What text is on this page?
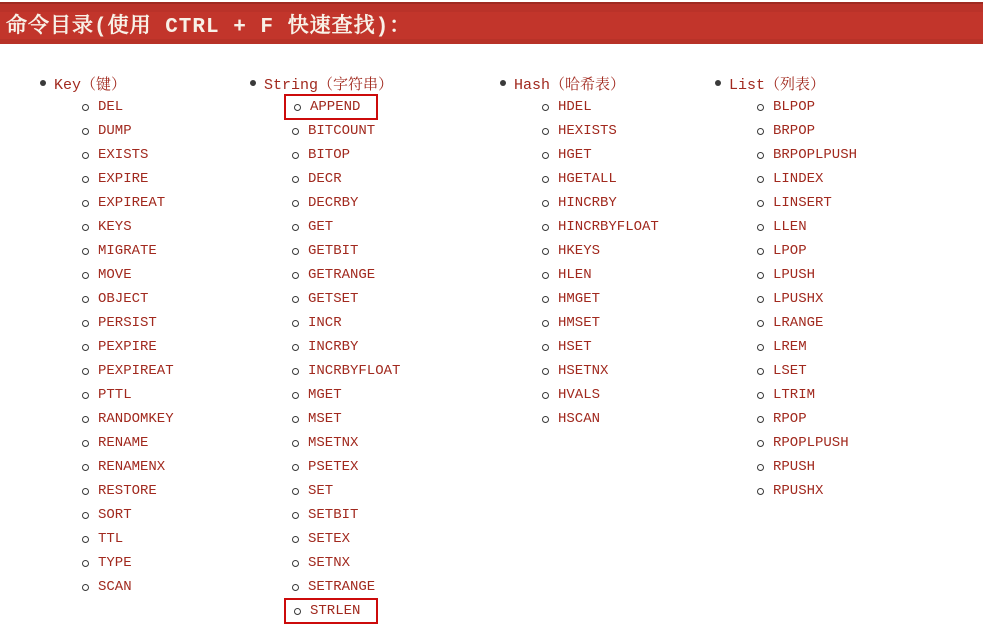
命令目录(使用 CTRL + F 快速查找)：
Key（键）
DEL
DUMP
EXISTS
EXPIRE
EXPIREAT
KEYS
MIGRATE
MOVE
OBJECT
PERSIST
PEXPIRE
PEXPIREAT
PTTL
RANDOMKEY
RENAME
RENAMENX
RESTORE
SORT
TTL
TYPE
SCAN
String（字符串）
APPEND
BITCOUNT
BITOP
DECR
DECRBY
GET
GETBIT
GETRANGE
GETSET
INCR
INCRBY
INCRBYFLOAT
MGET
MSET
MSETNX
PSETEX
SET
SETBIT
SETEX
SETNX
SETRANGE
STRLEN
Hash（哈希表）
HDEL
HEXISTS
HGET
HGETALL
HINCRBY
HINCRBYFLOAT
HKEYS
HLEN
HMGET
HMSET
HSET
HSETNX
HVALS
HSCAN
List（列表）
BLPOP
BRPOP
BRPOPLPUSH
LINDEX
LINSERT
LLEN
LPOP
LPUSH
LPUSHX
LRANGE
LREM
LSET
LTRIM
RPOP
RPOPLPUSH
RPUSH
RPUSHX
